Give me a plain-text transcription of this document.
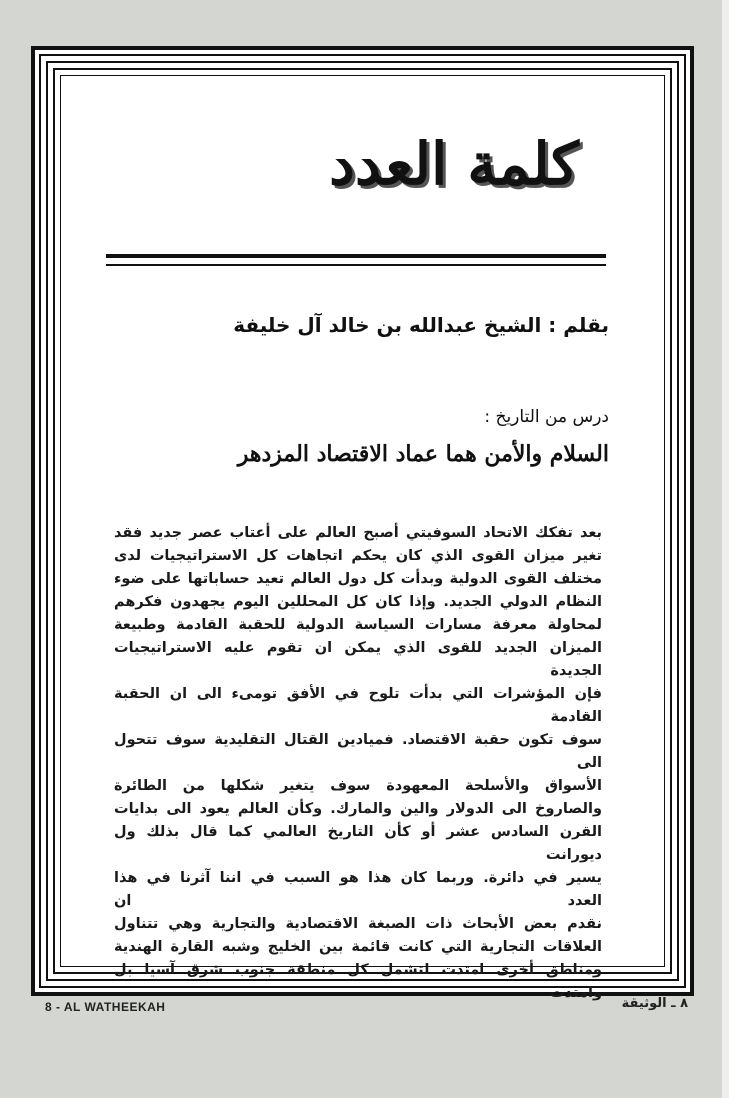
كلمة العدد
بقلم : الشيخ عبدالله بن خالد آل خليفة
درس من التاريخ :
السلام والأمن هما عماد الاقتصاد المزدهر

بعد تفكك الاتحاد السوفيتي أصبح العالم على أعتاب عصر جديد فقد

تغير ميزان القوى الذي كان يحكم اتجاهات كل الاستراتيجيات لدى

مختلف القوى الدولية وبدأت كل دول العالم تعيد حساباتها على ضوء

النظام الدولي الجديد. وإذا كان كل المحللين اليوم يجهدون فكرهم

لمحاولة معرفة مسارات السياسة الدولية للحقبة القادمة وطبيعة

الميزان الجديد للقوى الذي يمكن ان تقوم عليه الاستراتيجيات الجديدة

فإن المؤشرات التي بدأت تلوح في الأفق تومىء الى ان الحقبة القادمة

سوف تكون حقبة الاقتصاد. فميادين القتال التقليدية سوف تتحول الى

الأسواق والأسلحة المعهودة سوف يتغير شكلها من الطائرة

والصاروخ الى الدولار والين والمارك. وكأن العالم يعود الى بدايات

القرن السادس عشر أو كأن التاريخ العالمي كما قال بذلك ول ديورانت

يسير في دائرة. وربما كان هذا هو السبب في اننا آثرنا في هذا العدد ان

نقدم بعض الأبحاث ذات الصبغة الاقتصادية والتجارية وهي تتناول

العلاقات التجارية التي كانت قائمة بين الخليج وشبه القارة الهندية

ومناطق أخرى امتدت لتشمل كل منطقة جنوب شرق آسيا بل وامتدت

8 - AL WATHEEKAH	٨ ـ الوثيقة
